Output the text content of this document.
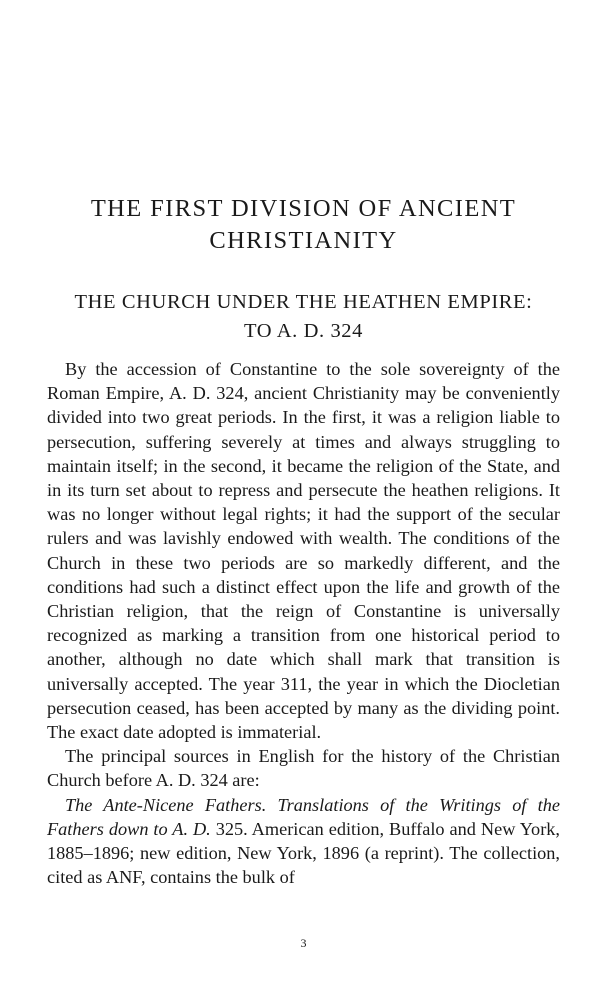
THE FIRST DIVISION OF ANCIENT
CHRISTIANITY
THE CHURCH UNDER THE HEATHEN EMPIRE:
TO A. D. 324

By the accession of Constantine to the sole sovereignty of the Roman Empire, A. D. 324, ancient Christianity may be conveniently divided into two great periods. In the first, it was a religion liable to persecution, suffering severely at times and always struggling to maintain itself; in the second, it became the religion of the State, and in its turn set about to repress and persecute the heathen religions. It was no longer without legal rights; it had the support of the secular rulers and was lavishly endowed with wealth. The conditions of the Church in these two periods are so markedly different, and the conditions had such a distinct effect upon the life and growth of the Christian religion, that the reign of Constantine is universally recognized as marking a transition from one historical period to another, although no date which shall mark that transition is universally accepted. The year 311, the year in which the Diocletian persecution ceased, has been accepted by many as the dividing point. The exact date adopted is immaterial.

The principal sources in English for the history of the Christian Church before A. D. 324 are:

The Ante-Nicene Fathers. Translations of the Writings of the Fathers down to A. D. 325. American edition, Buffalo and New York, 1885–1896; new edition, New York, 1896 (a reprint). The collection, cited as ANF, contains the bulk of

3
